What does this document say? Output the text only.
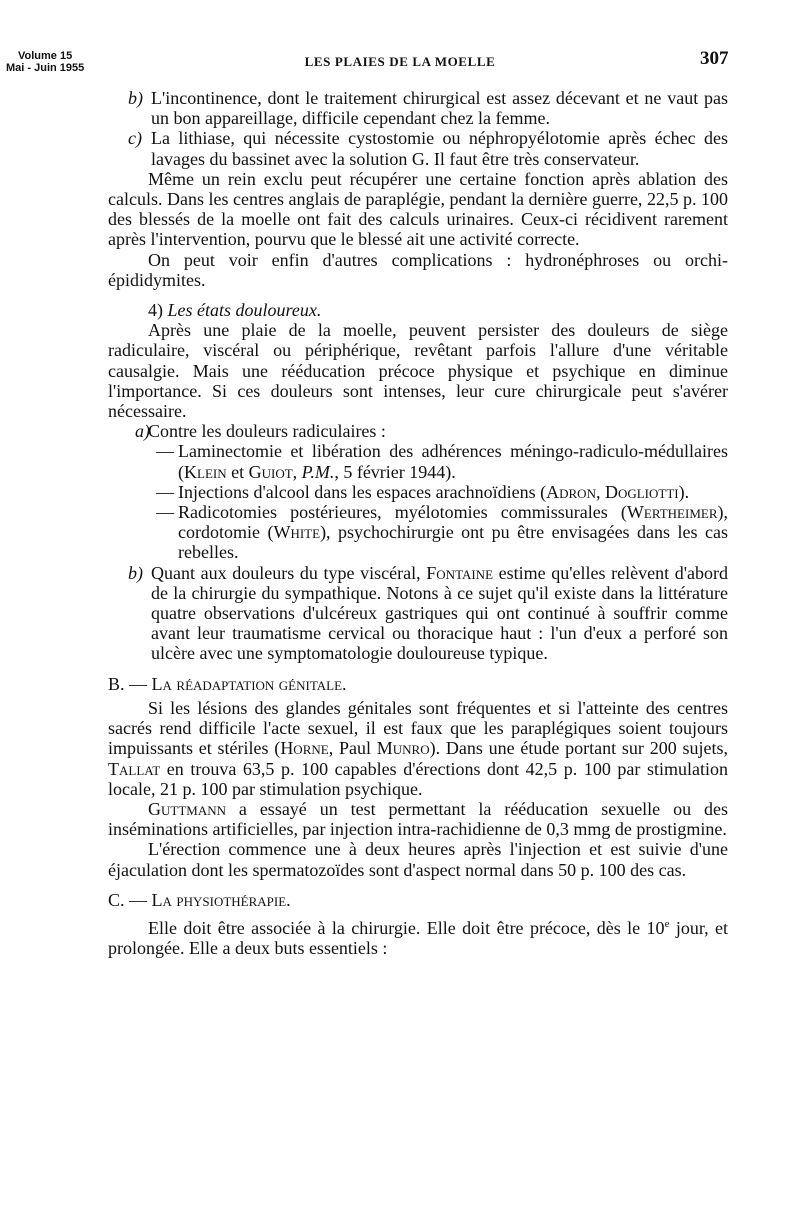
Volume 15
Mai - Juin 1955	LES PLAIES DE LA MOELLE	307

b) L'incontinence, dont le traitement chirurgical est assez décevant et ne vaut pas un bon appareillage, difficile cependant chez la femme.

c) La lithiase, qui nécessite cystostomie ou néphropyélotomie après échec des lavages du bassinet avec la solution G. Il faut être très conservateur.

Même un rein exclu peut récupérer une certaine fonction après ablation des calculs. Dans les centres anglais de paraplégie, pendant la dernière guerre, 22,5 p. 100 des blessés de la moelle ont fait des calculs urinaires. Ceux-ci récidivent rarement après l'intervention, pourvu que le blessé ait une activité correcte.

On peut voir enfin d'autres complications : hydronéphroses ou orchi-épididymites.

4) Les états douloureux.

Après une plaie de la moelle, peuvent persister des douleurs de siège radiculaire, viscéral ou périphérique, revêtant parfois l'allure d'une véritable causalgie. Mais une rééducation précoce physique et psychique en diminue l'importance. Si ces douleurs sont intenses, leur cure chirurgicale peut s'avérer nécessaire.

a)
Contre les douleurs radiculaires :

— Laminectomie et libération des adhérences méningo-radiculo-médullaires (Klein et Guiot, P.M., 5 février 1944).

— Injections d'alcool dans les espaces arachnoïdiens (Adron, Dogliotti).

— Radicotomies postérieures, myélotomies commissurales (Wertheimer), cordotomie (White), psychochirurgie ont pu être envisagées dans les cas rebelles.

b) Quant aux douleurs du type viscéral, Fontaine estime qu'elles relèvent d'abord de la chirurgie du sympathique. Notons à ce sujet qu'il existe dans la littérature quatre observations d'ulcéreux gastriques qui ont continué à souffrir comme avant leur traumatisme cervical ou thoracique haut : l'un d'eux a perforé son ulcère avec une symptomatologie douloureuse typique.

B. — La réadaptation génitale.

Si les lésions des glandes génitales sont fréquentes et si l'atteinte des centres sacrés rend difficile l'acte sexuel, il est faux que les paraplégiques soient toujours impuissants et stériles (Horne, Paul Munro). Dans une étude portant sur 200 sujets, Tallat en trouva 63,5 p. 100 capables d'érections dont 42,5 p. 100 par stimulation locale, 21 p. 100 par stimulation psychique.

Guttmann a essayé un test permettant la rééducation sexuelle ou des inséminations artificielles, par injection intra-rachidienne de 0,3 mmg de prostigmine.

L'érection commence une à deux heures après l'injection et est suivie d'une éjaculation dont les spermatozoïdes sont d'aspect normal dans 50 p. 100 des cas.

C. — La physiothérapie.

Elle doit être associée à la chirurgie. Elle doit être précoce, dès le 10e jour, et prolongée. Elle a deux buts essentiels :
